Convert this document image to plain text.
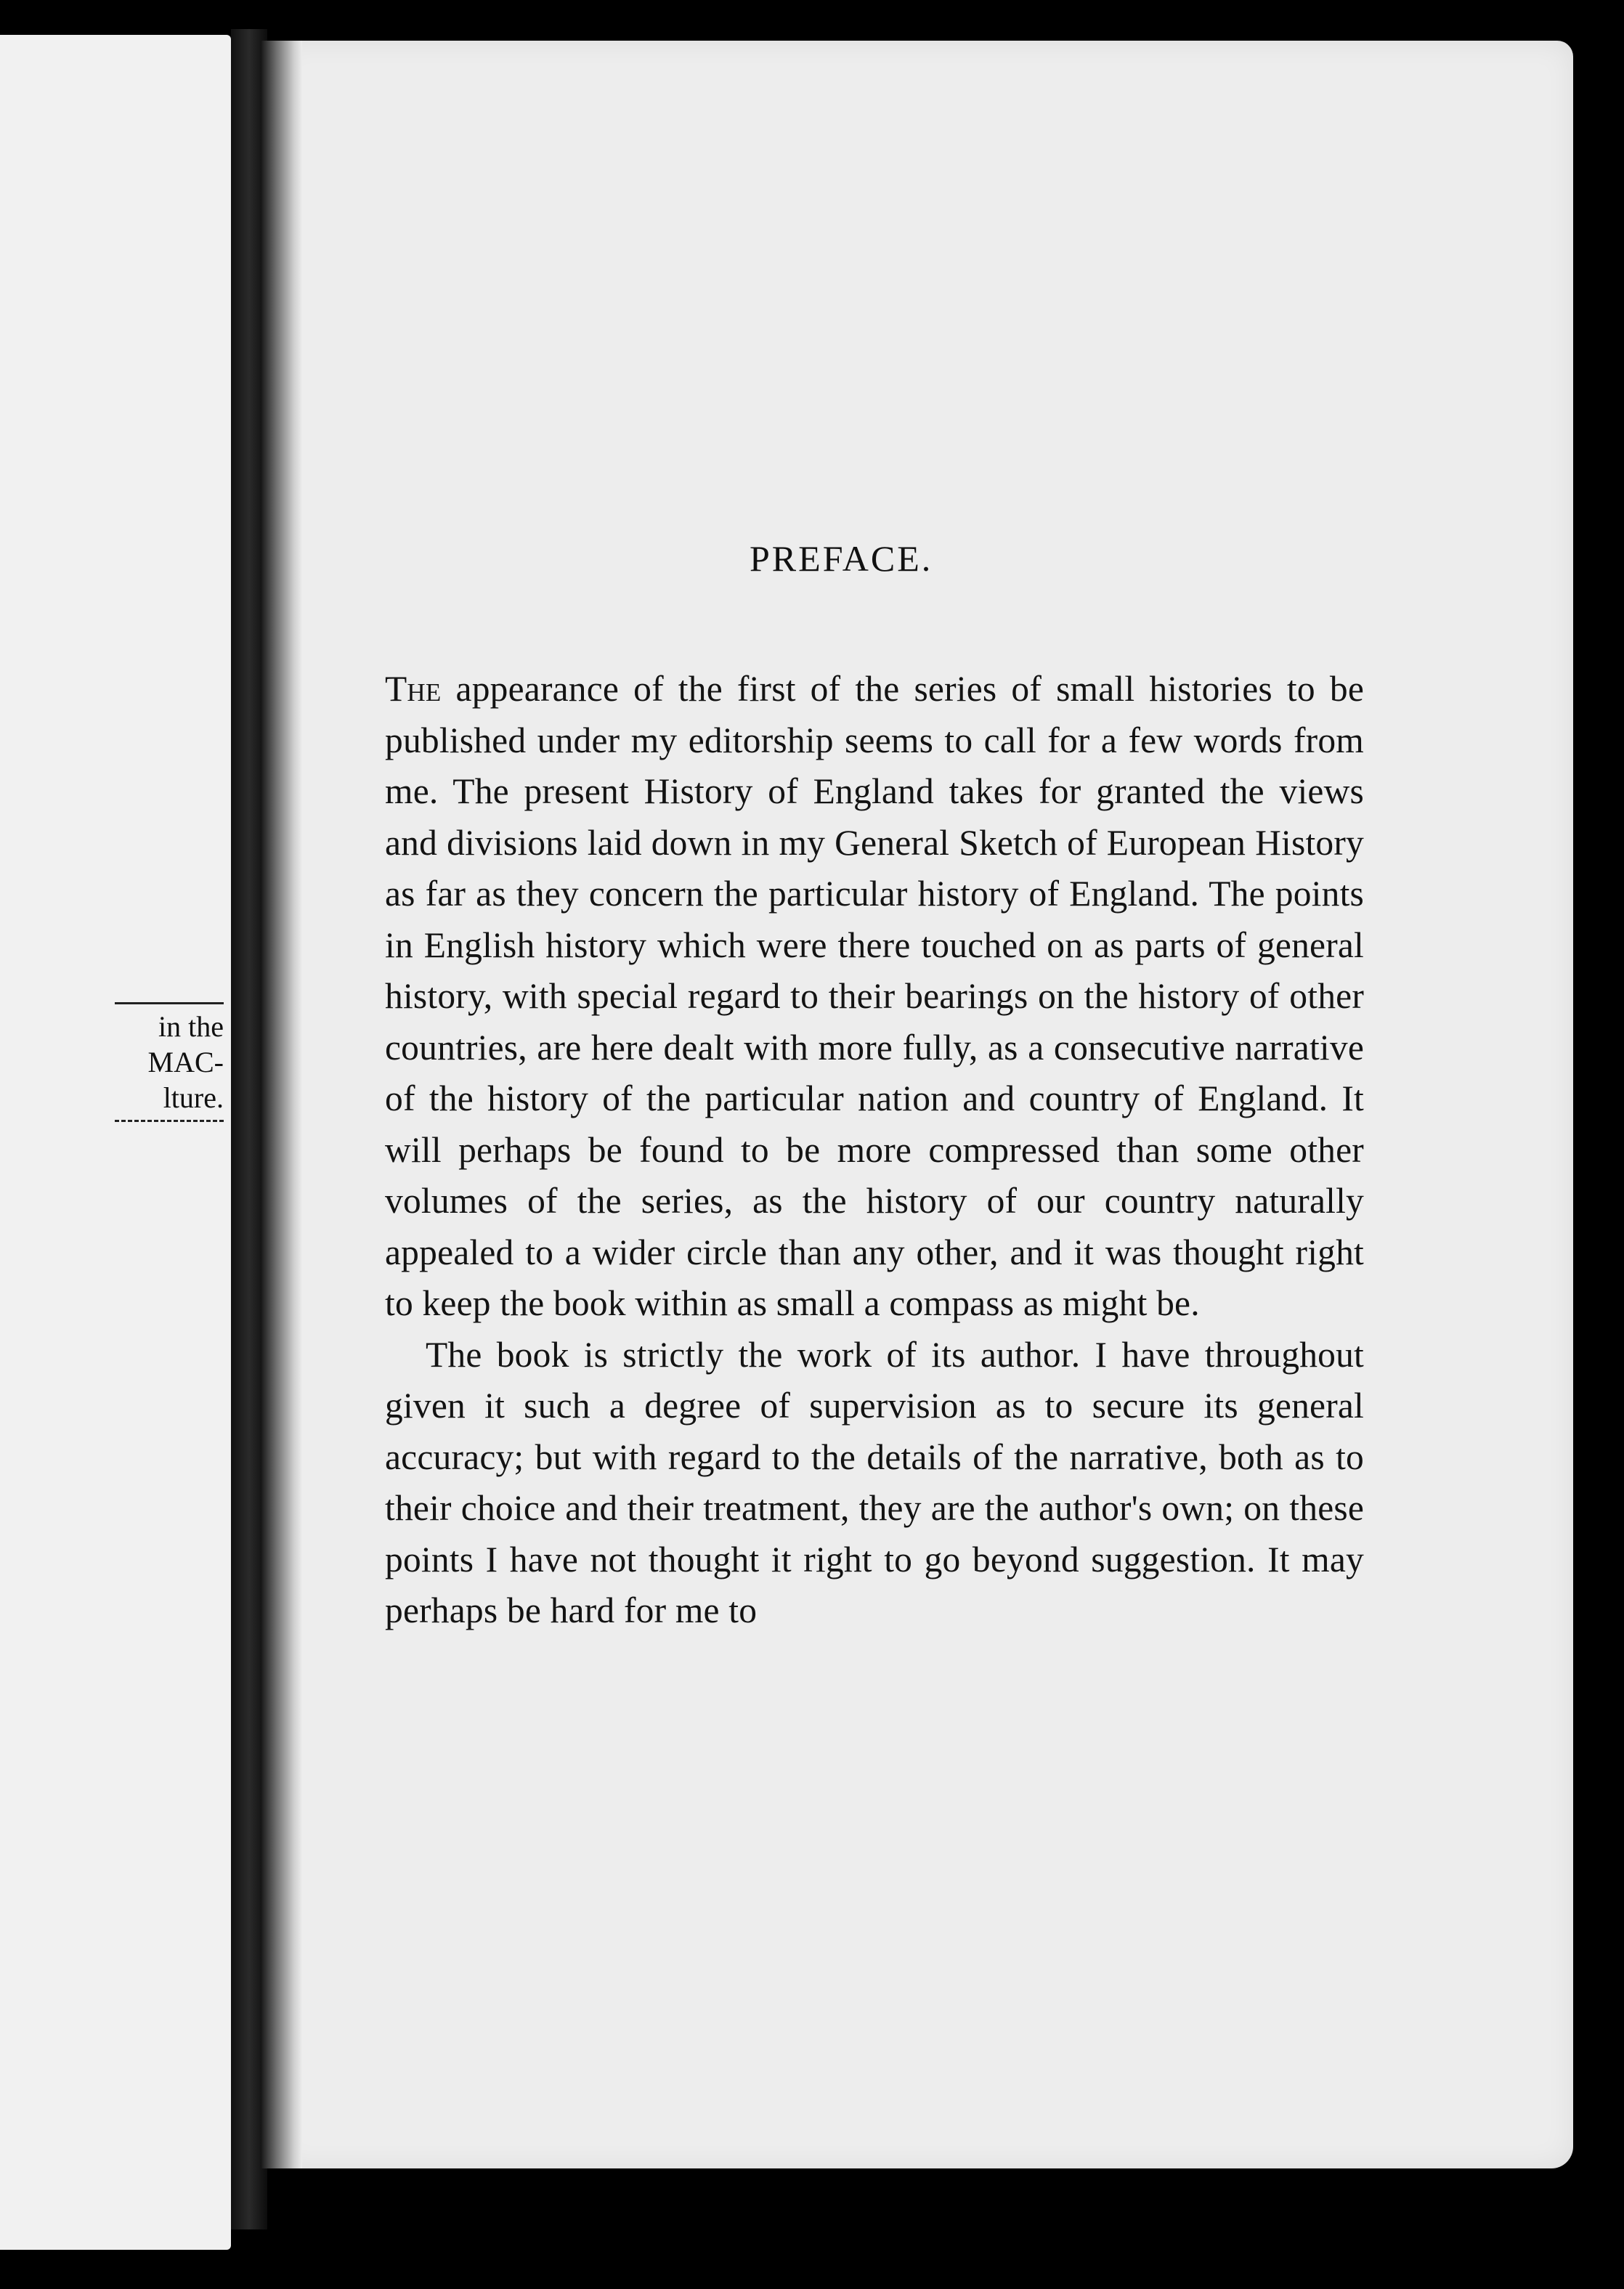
in the
MAC-
lture.
PREFACE.

The appearance of the first of the series of small histories to be published under my editorship seems to call for a few words from me. The present History of England takes for granted the views and divisions laid down in my General Sketch of European History as far as they concern the particular history of England. The points in English history which were there touched on as parts of general history, with special regard to their bearings on the history of other countries, are here dealt with more fully, as a consecutive narrative of the history of the particular nation and country of England. It will perhaps be found to be more compressed than some other volumes of the series, as the history of our country naturally appealed to a wider circle than any other, and it was thought right to keep the book within as small a compass as might be.

The book is strictly the work of its author. I have throughout given it such a degree of supervision as to secure its general accuracy; but with regard to the details of the narrative, both as to their choice and their treatment, they are the author's own; on these points I have not thought it right to go beyond suggestion. It may perhaps be hard for me to
